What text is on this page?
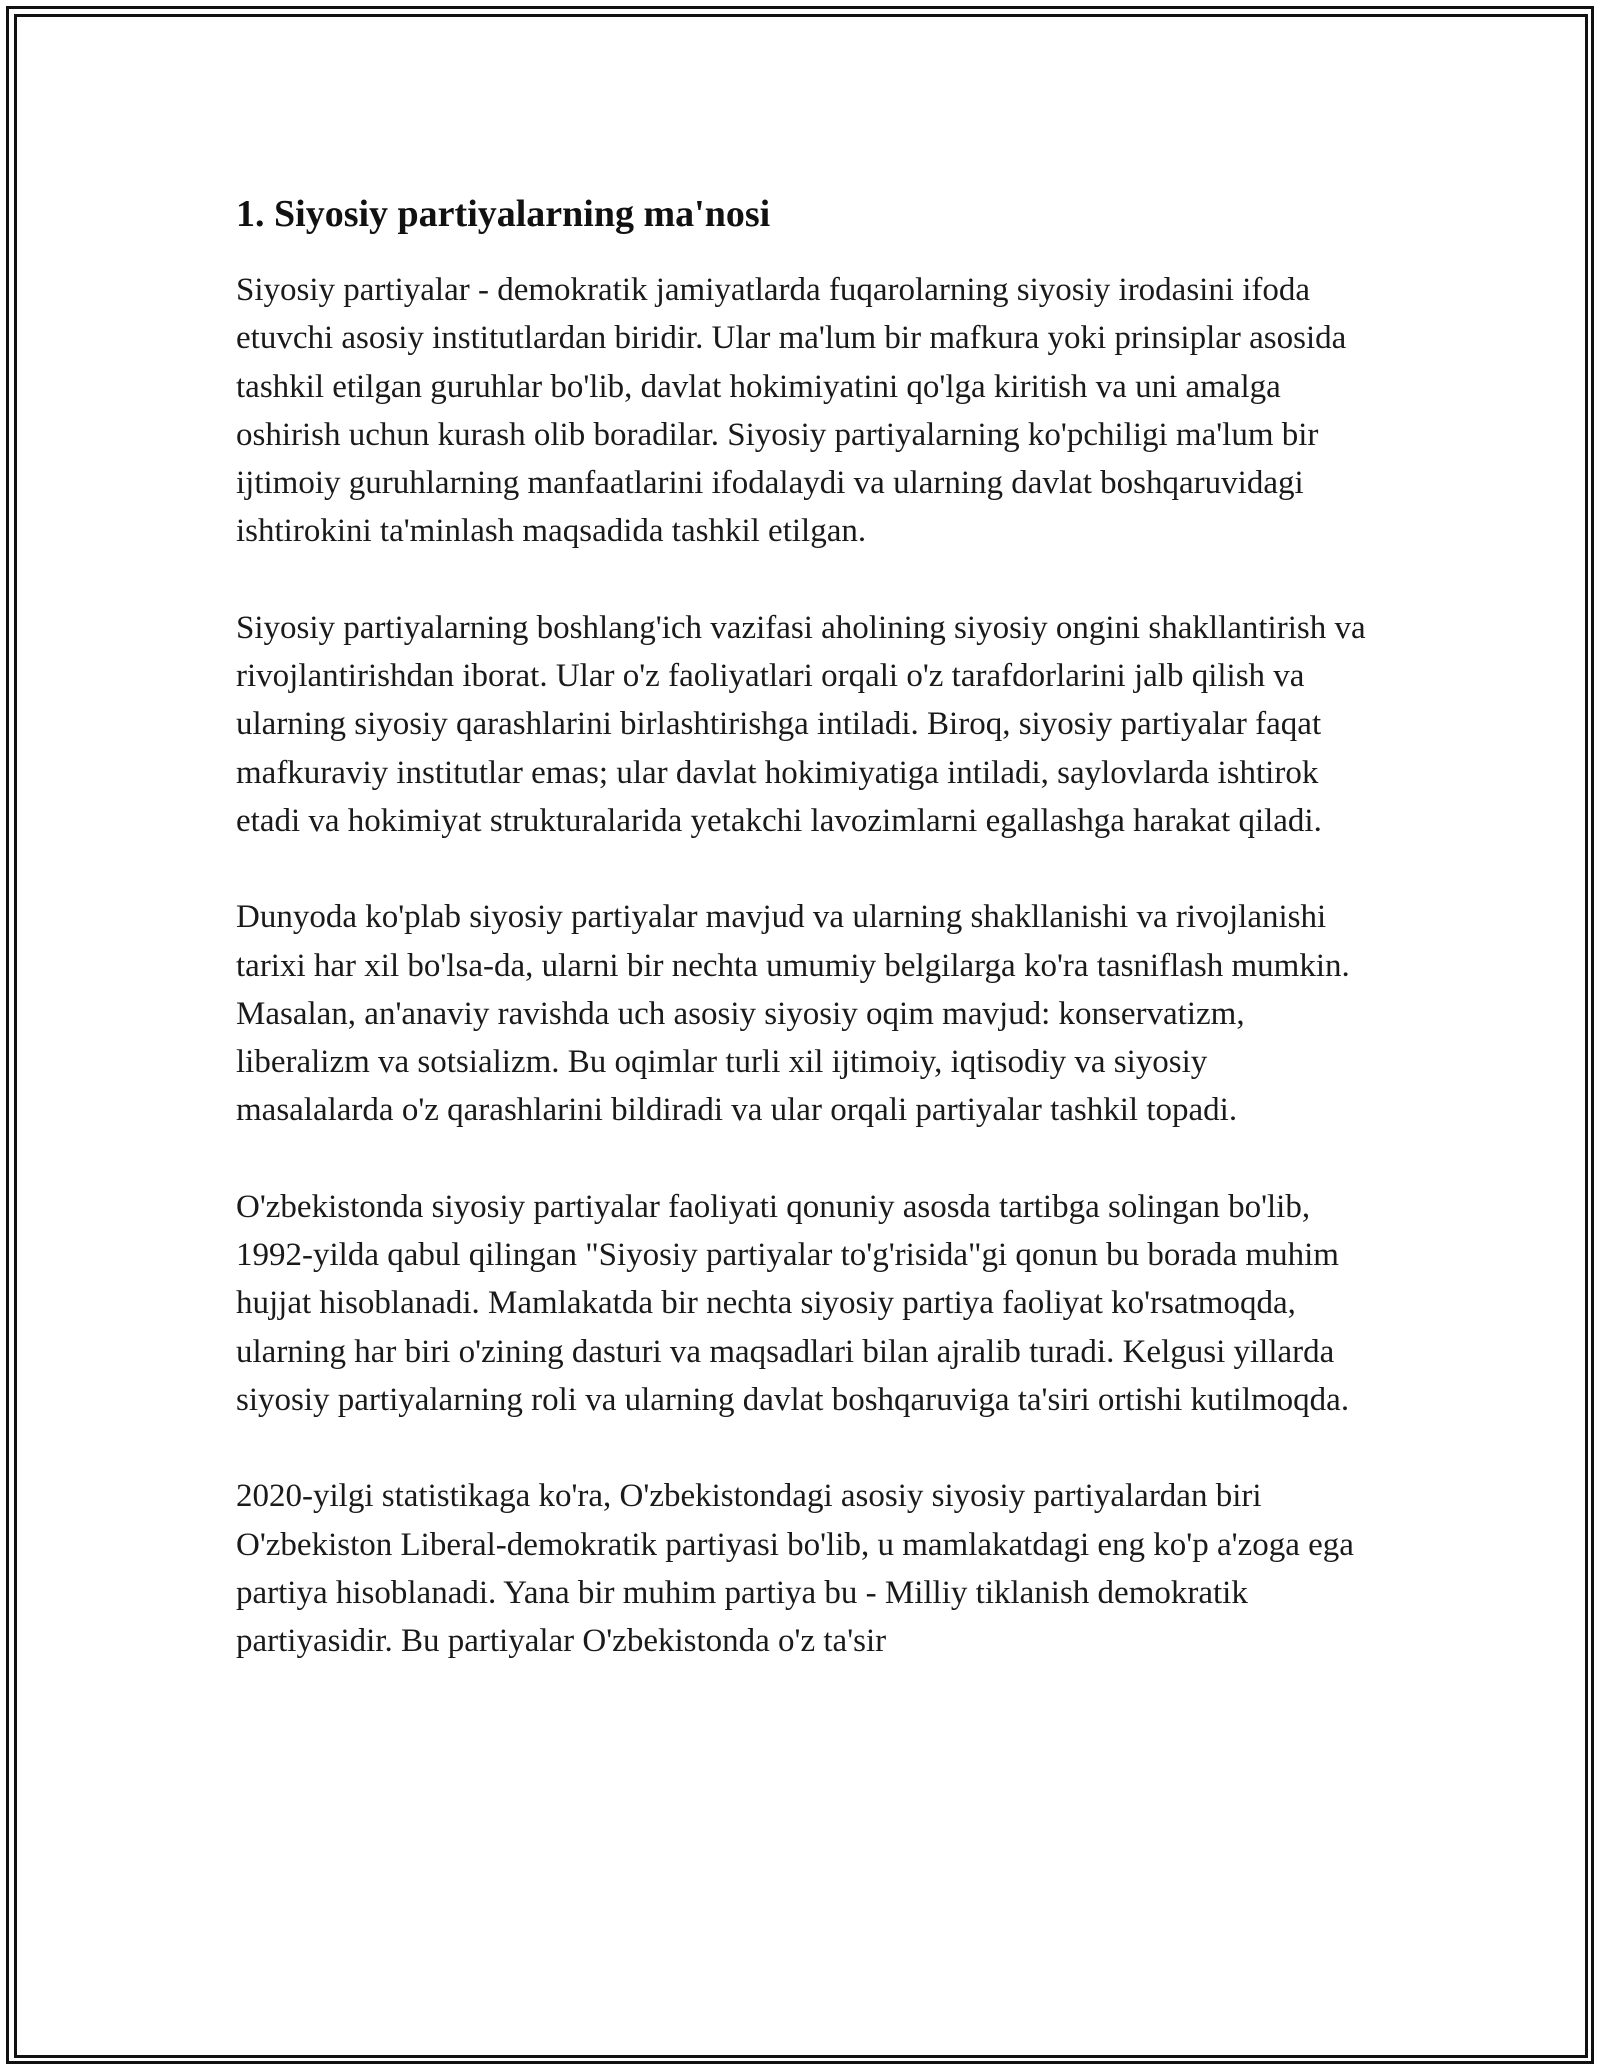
1. Siyosiy partiyalarning ma'nosi

Siyosiy partiyalar - demokratik jamiyatlarda fuqarolarning siyosiy irodasini ifoda etuvchi asosiy institutlardan biridir. Ular ma'lum bir mafkura yoki prinsiplar asosida tashkil etilgan guruhlar bo'lib, davlat hokimiyatini qo'lga kiritish va uni amalga oshirish uchun kurash olib boradilar. Siyosiy partiyalarning ko'pchiligi ma'lum bir ijtimoiy guruhlarning manfaatlarini ifodalaydi va ularning davlat boshqaruvidagi ishtirokini ta'minlash maqsadida tashkil etilgan.

Siyosiy partiyalarning boshlang'ich vazifasi aholining siyosiy ongini shakllantirish va rivojlantirishdan iborat. Ular o'z faoliyatlari orqali o'z tarafdorlarini jalb qilish va ularning siyosiy qarashlarini birlashtirishga intiladi. Biroq, siyosiy partiyalar faqat mafkuraviy institutlar emas; ular davlat hokimiyatiga intiladi, saylovlarda ishtirok etadi va hokimiyat strukturalarida yetakchi lavozimlarni egallashga harakat qiladi.

Dunyoda ko'plab siyosiy partiyalar mavjud va ularning shakllanishi va rivojlanishi tarixi har xil bo'lsa-da, ularni bir nechta umumiy belgilarga ko'ra tasniflash mumkin. Masalan, an'anaviy ravishda uch asosiy siyosiy oqim mavjud: konservatizm, liberalizm va sotsializm. Bu oqimlar turli xil ijtimoiy, iqtisodiy va siyosiy masalalarda o'z qarashlarini bildiradi va ular orqali partiyalar tashkil topadi.

O'zbekistonda siyosiy partiyalar faoliyati qonuniy asosda tartibga solingan bo'lib, 1992-yilda qabul qilingan "Siyosiy partiyalar to'g'risida"gi qonun bu borada muhim hujjat hisoblanadi. Mamlakatda bir nechta siyosiy partiya faoliyat ko'rsatmoqda, ularning har biri o'zining dasturi va maqsadlari bilan ajralib turadi. Kelgusi yillarda siyosiy partiyalarning roli va ularning davlat boshqaruviga ta'siri ortishi kutilmoqda.

2020-yilgi statistikaga ko'ra, O'zbekistondagi asosiy siyosiy partiyalardan biri O'zbekiston Liberal-demokratik partiyasi bo'lib, u mamlakatdagi eng ko'p a'zoga ega partiya hisoblanadi. Yana bir muhim partiya bu - Milliy tiklanish demokratik partiyasidir. Bu partiyalar O'zbekistonda o'z ta'sir
